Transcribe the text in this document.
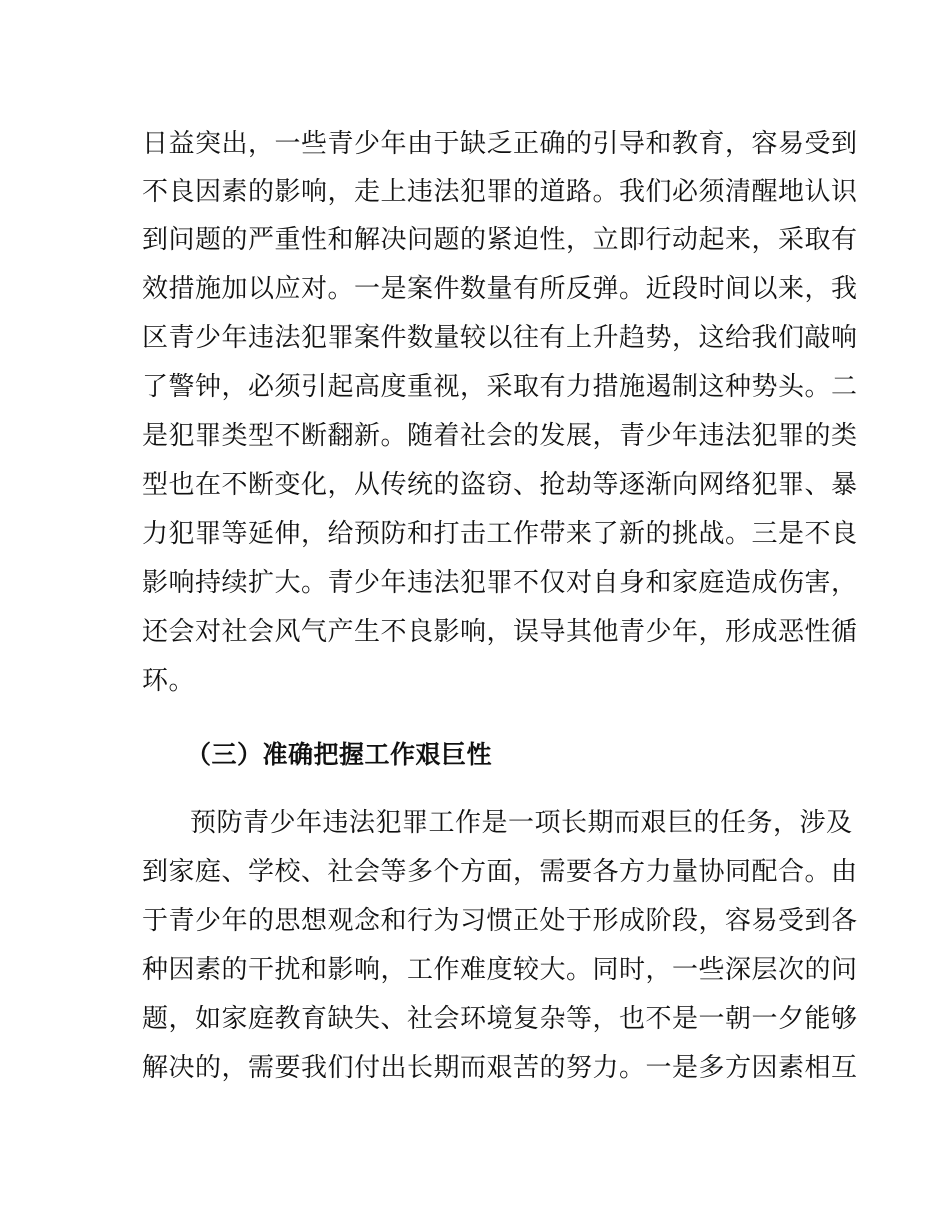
日益突出，一些青少年由于缺乏正确的引导和教育，容易受到
不良因素的影响，走上违法犯罪的道路。我们必须清醒地认识
到问题的严重性和解决问题的紧迫性，立即行动起来，采取有
效措施加以应对。一是案件数量有所反弹。近段时间以来，我
区青少年违法犯罪案件数量较以往有上升趋势，这给我们敲响
了警钟，必须引起高度重视，采取有力措施遏制这种势头。二
是犯罪类型不断翻新。随着社会的发展，青少年违法犯罪的类
型也在不断变化，从传统的盗窃、抢劫等逐渐向网络犯罪、暴
力犯罪等延伸，给预防和打击工作带来了新的挑战。三是不良
影响持续扩大。青少年违法犯罪不仅对自身和家庭造成伤害，
还会对社会风气产生不良影响，误导其他青少年，形成恶性循
环。
（三）准确把握工作艰巨性
预防青少年违法犯罪工作是一项长期而艰巨的任务，涉及
到家庭、学校、社会等多个方面，需要各方力量协同配合。由
于青少年的思想观念和行为习惯正处于形成阶段，容易受到各
种因素的干扰和影响，工作难度较大。同时，一些深层次的问
题，如家庭教育缺失、社会环境复杂等，也不是一朝一夕能够
解决的，需要我们付出长期而艰苦的努力。一是多方因素相互
